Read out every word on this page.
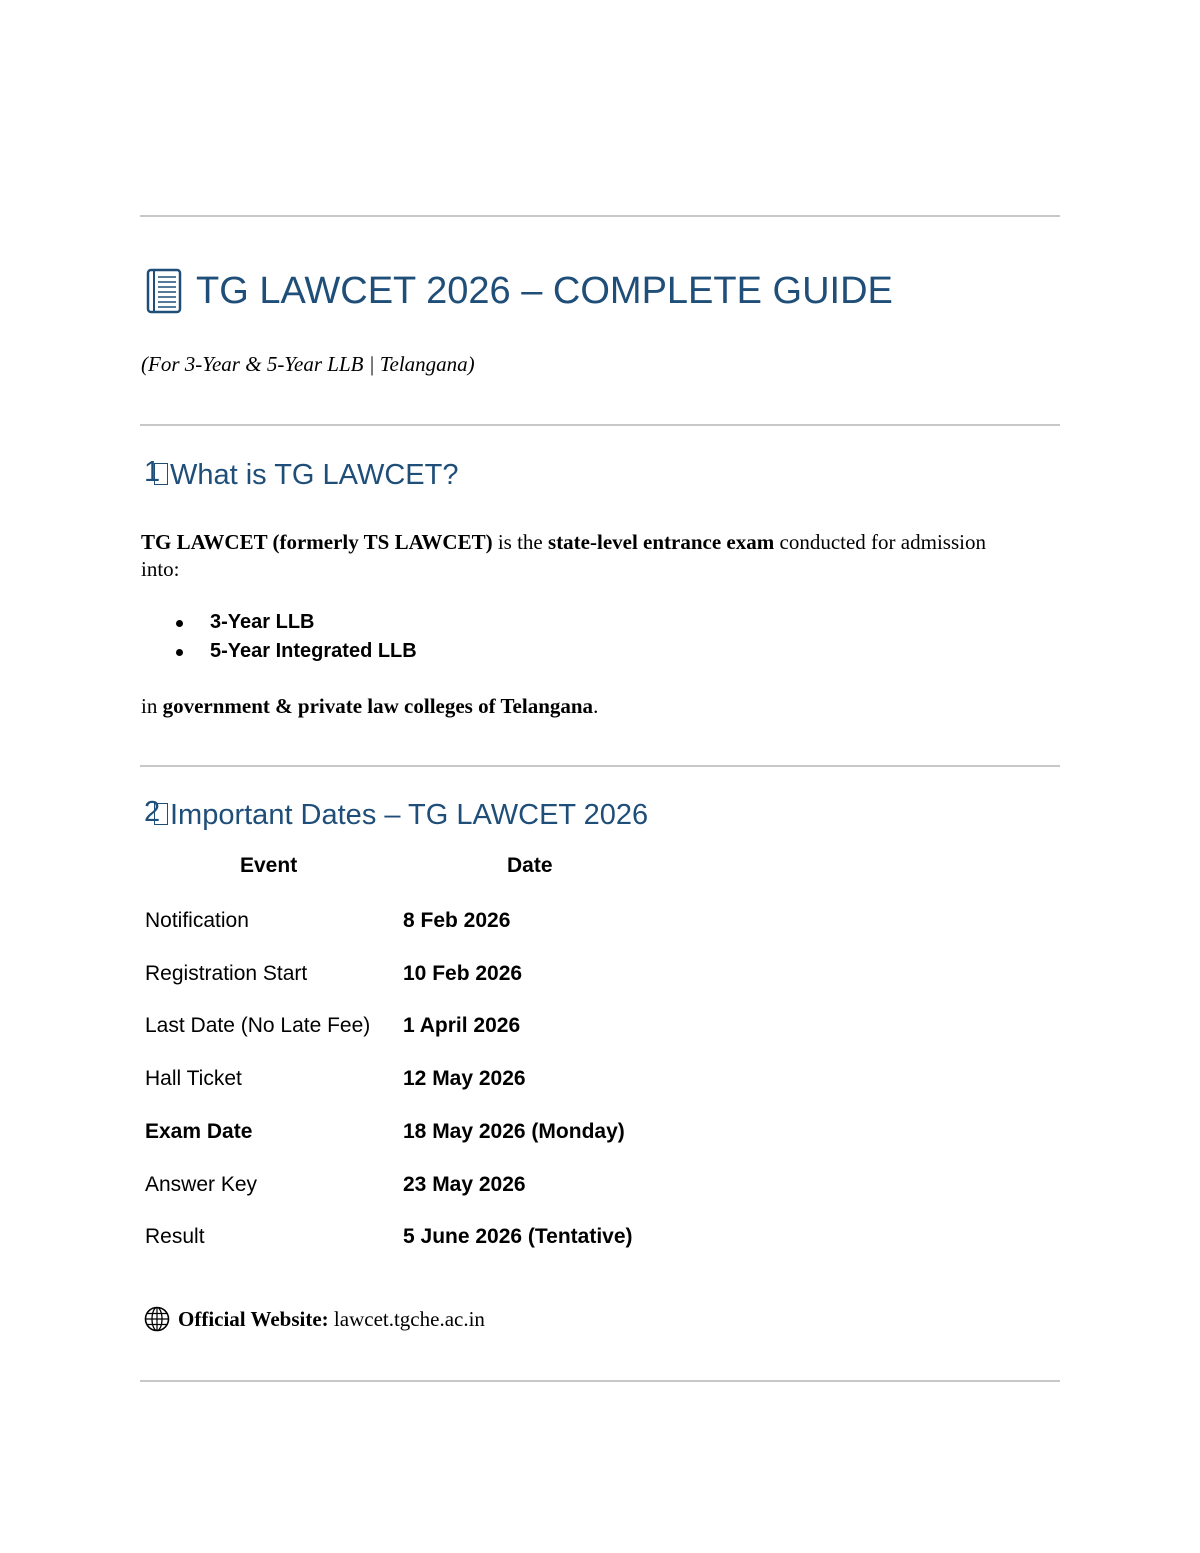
TG LAWCET 2026 – COMPLETE GUIDE
(For 3-Year & 5-Year LLB | Telangana)
1 What is TG LAWCET?

TG LAWCET (formerly TS LAWCET) is the state-level entrance exam conducted for admission into:

3-Year LLB
5-Year Integrated LLB

in government & private law colleges of Telangana.

2 Important Dates – TG LAWCET 2026
Event	Date
Notification	8 Feb 2026
Registration Start	10 Feb 2026
Last Date (No Late Fee) 1 April 2026
Hall Ticket	12 May 2026
Exam Date	18 May 2026 (Monday)
Answer Key	23 May 2026
Result	5 June 2026 (Tentative)
Official Website:
lawcet.tgche.ac.in
